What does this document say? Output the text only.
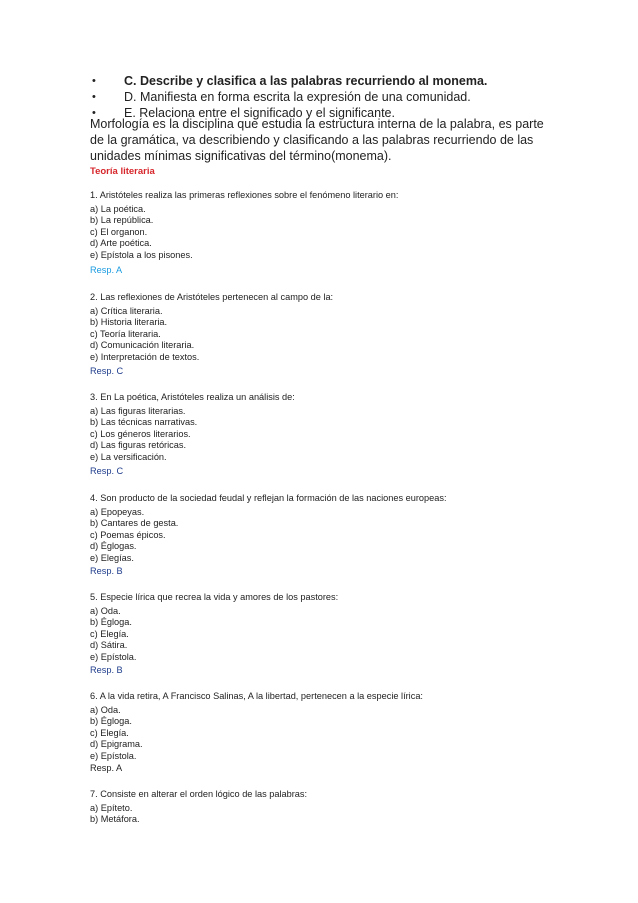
C. Describe y clasifica a las palabras recurriendo al monema.
D. Manifiesta en forma escrita la expresión de una comunidad.
E. Relaciona entre el significado y el significante.

Morfología es la disciplina que estudia la estructura interna de la palabra, es parte de la gramática, va describiendo y clasificando a las palabras recurriendo de las unidades mínimas significativas del término(monema).

Teoría literaria

1. Aristóteles realiza las primeras reflexiones sobre el fenómeno literario en:
a) La poética.
b) La república.
c) El organon.
d) Arte poética.
e) Epístola a los pisones.

Resp. A

2. Las reflexiones de Aristóteles pertenecen al campo de la:
a) Crítica literaria.
b) Historia literaria.
c) Teoría literaria.
d) Comunicación literaria.
e) Interpretación de textos.

Resp. C

3. En La poética, Aristóteles realiza un análisis de:
a) Las figuras literarias.
b) Las técnicas narrativas.
c) Los géneros literarios.
d) Las figuras retóricas.
e) La versificación.

Resp. C

4. Son producto de la sociedad feudal y reflejan la formación de las naciones europeas:
a) Epopeyas.
b) Cantares de gesta.
c) Poemas épicos.
d) Églogas.
e) Elegías.

Resp. B

5. Especie lírica que recrea la vida y amores de los pastores:
a) Oda.
b) Égloga.
c) Elegía.
d) Sátira.
e) Epístola.

Resp. B

6. A la vida retira, A Francisco Salinas, A la libertad, pertenecen a la especie lírica:
a) Oda.
b) Égloga.
c) Elegía.
d) Epigrama.
e) Epístola.

Resp. A

7. Consiste en alterar el orden lógico de las palabras:
a) Epíteto.
b) Metáfora.
